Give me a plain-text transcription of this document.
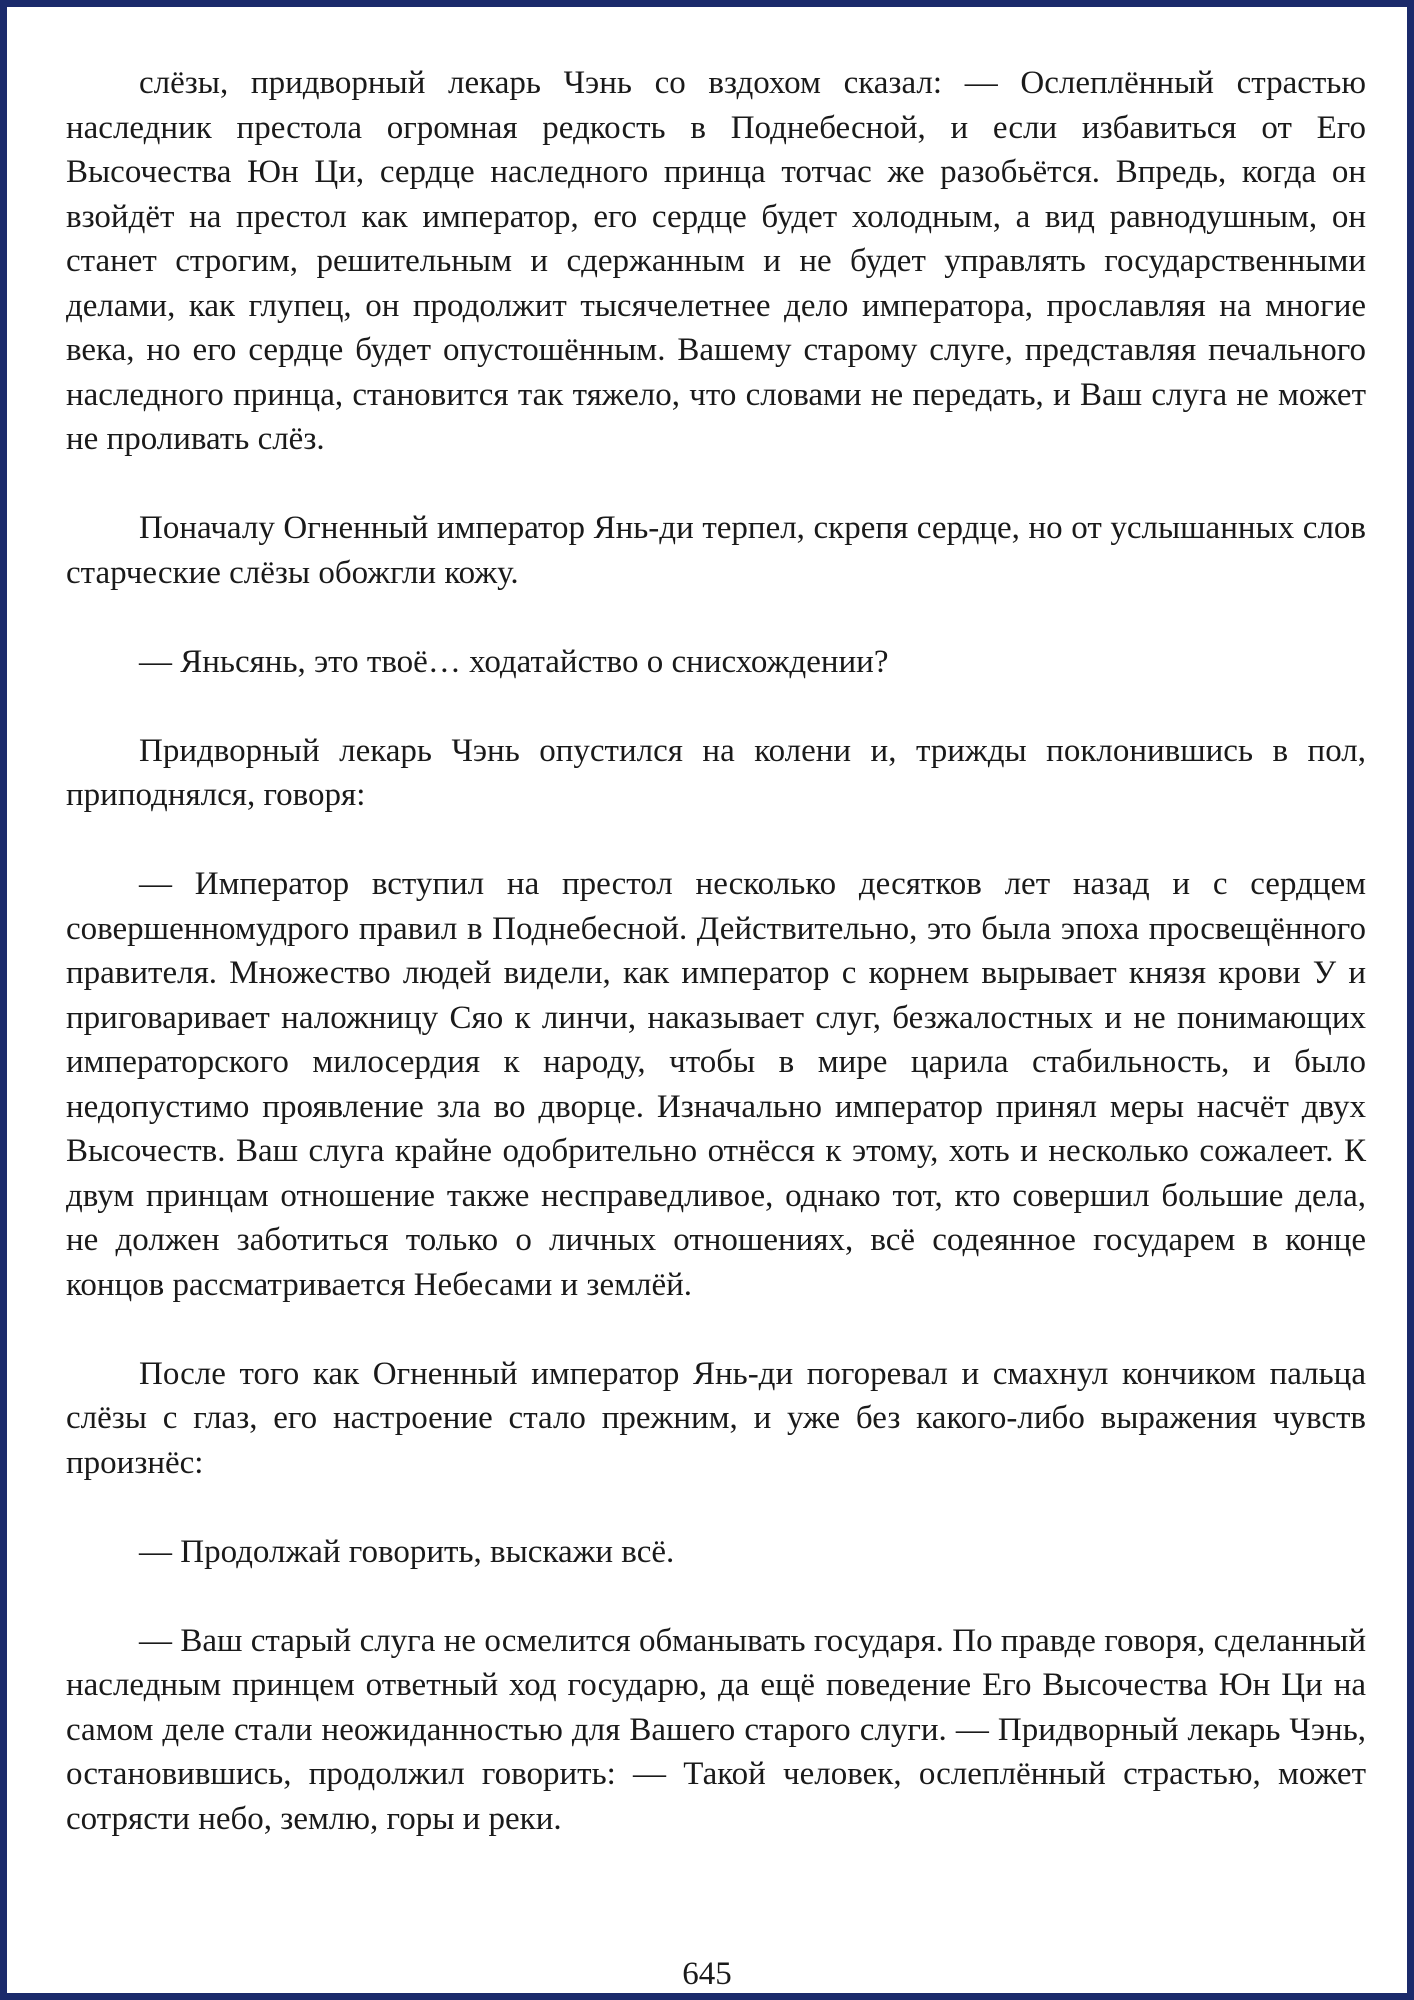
слёзы, придворный лекарь Чэнь со вздохом сказал: — Ослеплённый страстью наследник престола огромная редкость в Поднебесной, и если избавиться от Его Высочества Юн Ци, сердце наследного принца тотчас же разобьётся. Впредь, когда он взойдёт на престол как император, его сердце будет холодным, а вид равнодушным, он станет строгим, решительным и сдержанным и не будет управлять государственными делами, как глупец, он продолжит тысячелетнее дело императора, прославляя на многие века, но его сердце будет опустошённым. Вашему старому слуге, представляя печального наследного принца, становится так тяжело, что словами не передать, и Ваш слуга не может не проливать слёз.

Поначалу Огненный император Янь-ди терпел, скрепя сердце, но от услышанных слов старческие слёзы обожгли кожу.

— Яньсянь, это твоё… ходатайство о снисхождении?

Придворный лекарь Чэнь опустился на колени и, трижды поклонившись в пол, приподнялся, говоря:

— Император вступил на престол несколько десятков лет назад и с сердцем совершенномудрого правил в Поднебесной. Действительно, это была эпоха просвещённого правителя. Множество людей видели, как император с корнем вырывает князя крови У и приговаривает наложницу Сяо к линчи, наказывает слуг, безжалостных и не понимающих императорского милосердия к народу, чтобы в мире царила стабильность, и было недопустимо проявление зла во дворце. Изначально император принял меры насчёт двух Высочеств. Ваш слуга крайне одобрительно отнёсся к этому, хоть и несколько сожалеет. К двум принцам отношение также несправедливое, однако тот, кто совершил большие дела, не должен заботиться только о личных отношениях, всё содеянное государем в конце концов рассматривается Небесами и землёй.

После того как Огненный император Янь-ди погоревал и смахнул кончиком пальца слёзы с глаз, его настроение стало прежним, и уже без какого-либо выражения чувств произнёс:

— Продолжай говорить, выскажи всё.

— Ваш старый слуга не осмелится обманывать государя. По правде говоря, сделанный наследным принцем ответный ход государю, да ещё поведение Его Высочества Юн Ци на самом деле стали неожиданностью для Вашего старого слуги. — Придворный лекарь Чэнь, остановившись, продолжил говорить: — Такой человек, ослеплённый страстью, может сотрясти небо, землю, горы и реки.

645
